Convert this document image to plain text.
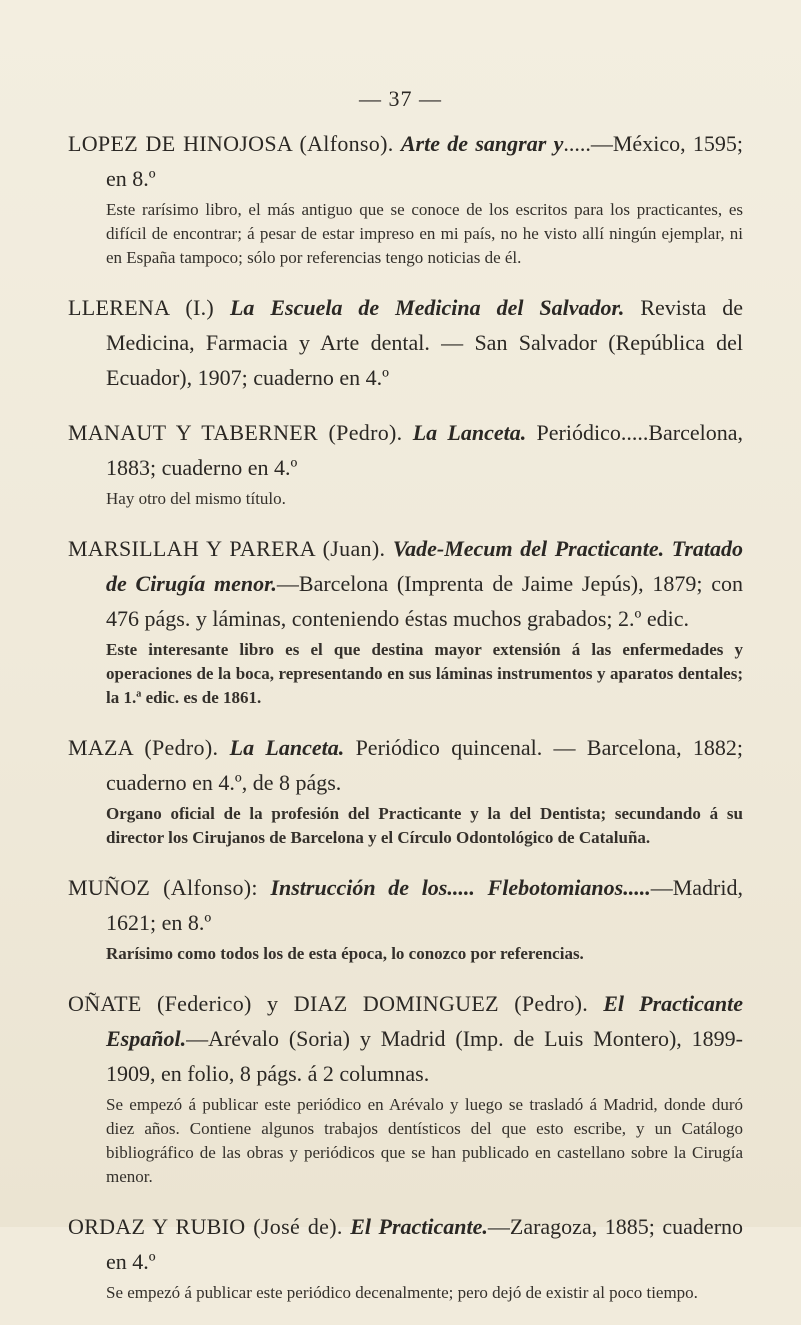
— 37 —

LOPEZ DE HINOJOSA (Alfonso). Arte de sangrar y.....—México, 1595; en 8.º

Este rarísimo libro, el más antiguo que se conoce de los escritos para los practicantes, es difícil de encontrar; á pesar de estar impreso en mi país, no he visto allí ningún ejemplar, ni en España tampoco; sólo por referencias tengo noticias de él.

LLERENA (I.) La Escuela de Medicina del Salvador. Revista de Medicina, Farmacia y Arte dental. — San Salvador (República del Ecuador), 1907; cuaderno en 4.º

MANAUT Y TABERNER (Pedro). La Lanceta. Periódico.....Barcelona, 1883; cuaderno en 4.º

Hay otro del mismo título.

MARSILLAH Y PARERA (Juan). Vade-Mecum del Practicante. Tratado de Cirugía menor.—Barcelona (Imprenta de Jaime Jepús), 1879; con 476 págs. y láminas, conteniendo éstas muchos grabados; 2.º edic.

Este interesante libro es el que destina mayor extensión á las enfermedades y operaciones de la boca, representando en sus láminas instrumentos y aparatos dentales; la 1.ª edic. es de 1861.

MAZA (Pedro). La Lanceta. Periódico quincenal. — Barcelona, 1882; cuaderno en 4.º, de 8 págs.

Organo oficial de la profesión del Practicante y la del Dentista; secundando á su director los Cirujanos de Barcelona y el Círculo Odontológico de Cataluña.

MUÑOZ (Alfonso): Instrucción de los..... Flebotomianos.....—Madrid, 1621; en 8.º

Rarísimo como todos los de esta época, lo conozco por referencias.

OÑATE (Federico) y DIAZ DOMINGUEZ (Pedro). El Practicante Español.—Arévalo (Soria) y Madrid (Imp. de Luis Montero), 1899-1909, en folio, 8 págs. á 2 columnas.

Se empezó á publicar este periódico en Arévalo y luego se trasladó á Madrid, donde duró diez años. Contiene algunos trabajos dentísticos del que esto escribe, y un Catálogo bibliográfico de las obras y periódicos que se han publicado en castellano sobre la Cirugía menor.

ORDAZ Y RUBIO (José de). El Practicante.—Zaragoza, 1885; cuaderno en 4.º

Se empezó á publicar este periódico decenalmente; pero dejó de existir al poco tiempo.
